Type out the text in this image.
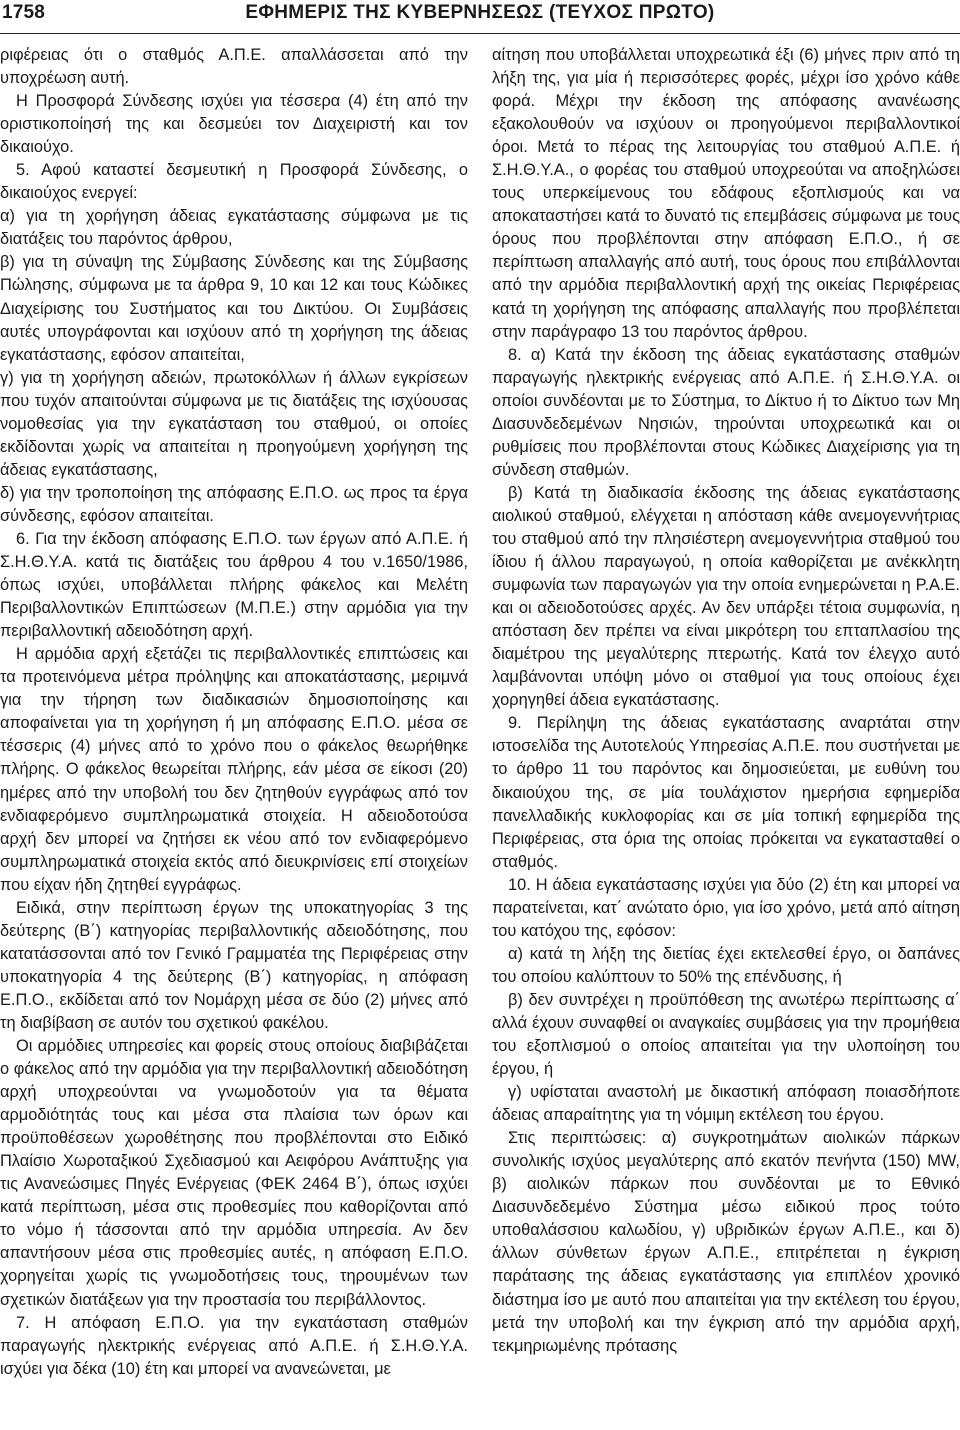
1758	ΕΦΗΜΕΡΙΣ ΤΗΣ ΚΥΒΕΡΝΗΣΕΩΣ (ΤΕΥΧΟΣ ΠΡΩΤΟ)

ριφέρειας ότι ο σταθμός Α.Π.Ε. απαλλάσσεται από την υποχρέωση αυτή.

Η Προσφορά Σύνδεσης ισχύει για τέσσερα (4) έτη από την οριστικοποίησή της και δεσμεύει τον Διαχειριστή και τον δικαιούχο.

5. Αφού καταστεί δεσμευτική η Προσφορά Σύνδεσης, ο δικαιούχος ενεργεί:

α) για τη χορήγηση άδειας εγκατάστασης σύμφωνα με τις διατάξεις του παρόντος άρθρου,

β) για τη σύναψη της Σύμβασης Σύνδεσης και της Σύμβασης Πώλησης, σύμφωνα με τα άρθρα 9, 10 και 12 και τους Κώδικες Διαχείρισης του Συστήματος και του Δικτύου. Οι Συμβάσεις αυτές υπογράφονται και ισχύουν από τη χορήγηση της άδειας εγκατάστασης, εφόσον απαιτείται,

γ) για τη χορήγηση αδειών, πρωτοκόλλων ή άλλων εγκρίσεων που τυχόν απαιτούνται σύμφωνα με τις διατάξεις της ισχύουσας νομοθεσίας για την εγκατάσταση του σταθμού, οι οποίες εκδίδονται χωρίς να απαιτείται η προηγούμενη χορήγηση της άδειας εγκατάστασης,

δ) για την τροποποίηση της απόφασης Ε.Π.Ο. ως προς τα έργα σύνδεσης, εφόσον απαιτείται.

6. Για την έκδοση απόφασης Ε.Π.Ο. των έργων από Α.Π.Ε. ή Σ.Η.Θ.Υ.Α. κατά τις διατάξεις του άρθρου 4 του ν.1650/1986, όπως ισχύει, υποβάλλεται πλήρης φάκελος και Μελέτη Περιβαλλοντικών Επιπτώσεων (Μ.Π.Ε.) στην αρμόδια για την περιβαλλοντική αδειοδότηση αρχή.

Η αρμόδια αρχή εξετάζει τις περιβαλλοντικές επιπτώσεις και τα προτεινόμενα μέτρα πρόληψης και αποκατάστασης, μεριμνά για την τήρηση των διαδικασιών δημοσιοποίησης και αποφαίνεται για τη χορήγηση ή μη απόφασης Ε.Π.Ο. μέσα σε τέσσερις (4) μήνες από το χρόνο που ο φάκελος θεωρήθηκε πλήρης. Ο φάκελος θεωρείται πλήρης, εάν μέσα σε είκοσι (20) ημέρες από την υποβολή του δεν ζητηθούν εγγράφως από τον ενδιαφερόμενο συμπληρωματικά στοιχεία. Η αδειοδοτούσα αρχή δεν μπορεί να ζητήσει εκ νέου από τον ενδιαφερόμενο συμπληρωματικά στοιχεία εκτός από διευκρινίσεις επί στοιχείων που είχαν ήδη ζητηθεί εγγράφως.

Ειδικά, στην περίπτωση έργων της υποκατηγορίας 3 της δεύτερης (Β΄) κατηγορίας περιβαλλοντικής αδειοδότησης, που κατατάσσονται από τον Γενικό Γραμματέα της Περιφέρειας στην υποκατηγορία 4 της δεύτερης (Β΄) κατηγορίας, η απόφαση Ε.Π.Ο., εκδίδεται από τον Νομάρχη μέσα σε δύο (2) μήνες από τη διαβίβαση σε αυτόν του σχετικού φακέλου.

Οι αρμόδιες υπηρεσίες και φορείς στους οποίους διαβιβάζεται ο φάκελος από την αρμόδια για την περιβαλλοντική αδειοδότηση αρχή υποχρεούνται να γνωμοδοτούν για τα θέματα αρμοδιότητάς τους και μέσα στα πλαίσια των όρων και προϋποθέσεων χωροθέτησης που προβλέπονται στο Ειδικό Πλαίσιο Χωροταξικού Σχεδιασμού και Αειφόρου Ανάπτυξης για τις Ανανεώσιμες Πηγές Ενέργειας (ΦΕΚ 2464 Β΄), όπως ισχύει κατά περίπτωση, μέσα στις προθεσμίες που καθορίζονται από το νόμο ή τάσσονται από την αρμόδια υπηρεσία. Αν δεν απαντήσουν μέσα στις προθεσμίες αυτές, η απόφαση Ε.Π.Ο. χορηγείται χωρίς τις γνωμοδοτήσεις τους, τηρουμένων των σχετικών διατάξεων για την προστασία του περιβάλλοντος.

7. Η απόφαση Ε.Π.Ο. για την εγκατάσταση σταθμών παραγωγής ηλεκτρικής ενέργειας από Α.Π.Ε. ή Σ.Η.Θ.Υ.Α. ισχύει για δέκα (10) έτη και μπορεί να ανανεώνεται, με

αίτηση που υποβάλλεται υποχρεωτικά έξι (6) μήνες πριν από τη λήξη της, για μία ή περισσότερες φορές, μέχρι ίσο χρόνο κάθε φορά. Μέχρι την έκδοση της απόφασης ανανέωσης εξακολουθούν να ισχύουν οι προηγούμενοι περιβαλλοντικοί όροι. Μετά το πέρας της λειτουργίας του σταθμού Α.Π.Ε. ή Σ.Η.Θ.Υ.Α., ο φορέας του σταθμού υποχρεούται να αποξηλώσει τους υπερκείμενους του εδάφους εξοπλισμούς και να αποκαταστήσει κατά το δυνατό τις επεμβάσεις σύμφωνα με τους όρους που προβλέπονται στην απόφαση Ε.Π.Ο., ή σε περίπτωση απαλλαγής από αυτή, τους όρους που επιβάλλονται από την αρμόδια περιβαλλοντική αρχή της οικείας Περιφέρειας κατά τη χορήγηση της απόφασης απαλλαγής που προβλέπεται στην παράγραφο 13 του παρόντος άρθρου.

8. α) Κατά την έκδοση της άδειας εγκατάστασης σταθμών παραγωγής ηλεκτρικής ενέργειας από Α.Π.Ε. ή Σ.Η.Θ.Υ.Α. οι οποίοι συνδέονται με το Σύστημα, το Δίκτυο ή το Δίκτυο των Μη Διασυνδεδεμένων Νησιών, τηρούνται υποχρεωτικά και οι ρυθμίσεις που προβλέπονται στους Κώδικες Διαχείρισης για τη σύνδεση σταθμών.

β) Κατά τη διαδικασία έκδοσης της άδειας εγκατάστασης αιολικού σταθμού, ελέγχεται η απόσταση κάθε ανεμογεννήτριας του σταθμού από την πλησιέστερη ανεμογεννήτρια σταθμού του ίδιου ή άλλου παραγωγού, η οποία καθορίζεται με ανέκκλητη συμφωνία των παραγωγών για την οποία ενημερώνεται η Ρ.Α.Ε. και οι αδειοδοτούσες αρχές. Αν δεν υπάρξει τέτοια συμφωνία, η απόσταση δεν πρέπει να είναι μικρότερη του επταπλασίου της διαμέτρου της μεγαλύτερης πτερωτής. Κατά τον έλεγχο αυτό λαμβάνονται υπόψη μόνο οι σταθμοί για τους οποίους έχει χορηγηθεί άδεια εγκατάστασης.

9. Περίληψη της άδειας εγκατάστασης αναρτάται στην ιστοσελίδα της Αυτοτελούς Υπηρεσίας Α.Π.Ε. που συστήνεται με το άρθρο 11 του παρόντος και δημοσιεύεται, με ευθύνη του δικαιούχου της, σε μία τουλάχιστον ημερήσια εφημερίδα πανελλαδικής κυκλοφορίας και σε μία τοπική εφημερίδα της Περιφέρειας, στα όρια της οποίας πρόκειται να εγκατασταθεί ο σταθμός.

10. Η άδεια εγκατάστασης ισχύει για δύο (2) έτη και μπορεί να παρατείνεται, κατ΄ ανώτατο όριο, για ίσο χρόνο, μετά από αίτηση του κατόχου της, εφόσον:

α) κατά τη λήξη της διετίας έχει εκτελεσθεί έργο, οι δαπάνες του οποίου καλύπτουν το 50% της επένδυσης, ή

β) δεν συντρέχει η προϋπόθεση της ανωτέρω περίπτωσης α΄ αλλά έχουν συναφθεί οι αναγκαίες συμβάσεις για την προμήθεια του εξοπλισμού ο οποίος απαιτείται για την υλοποίηση του έργου, ή

γ) υφίσταται αναστολή με δικαστική απόφαση ποιασδήποτε άδειας απαραίτητης για τη νόμιμη εκτέλεση του έργου.

Στις περιπτώσεις: α) συγκροτημάτων αιολικών πάρκων συνολικής ισχύος μεγαλύτερης από εκατόν πενήντα (150) MW, β) αιολικών πάρκων που συνδέονται με το Εθνικό Διασυνδεδεμένο Σύστημα μέσω ειδικού προς τούτο υποθαλάσσιου καλωδίου, γ) υβριδικών έργων Α.Π.Ε., και δ) άλλων σύνθετων έργων Α.Π.Ε., επιτρέπεται η έγκριση παράτασης της άδειας εγκατάστασης για επιπλέον χρονικό διάστημα ίσο με αυτό που απαιτείται για την εκτέλεση του έργου, μετά την υποβολή και την έγκριση από την αρμόδια αρχή, τεκμηριωμένης πρότασης
